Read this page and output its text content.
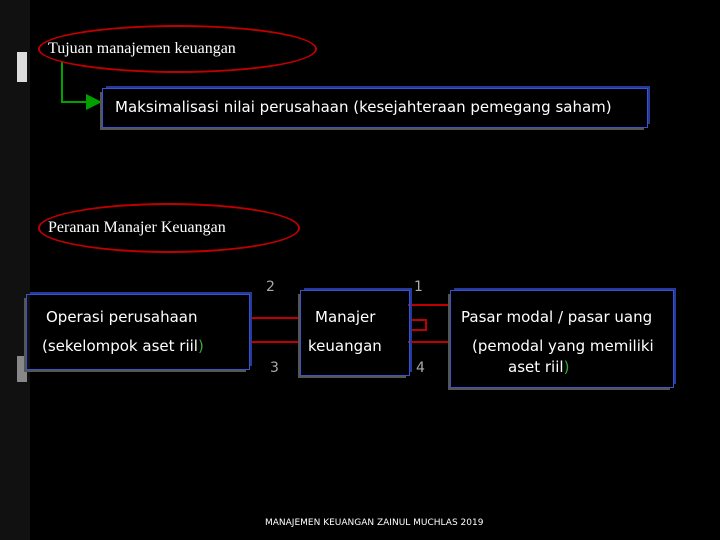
Tujuan manajemen keuangan
Maksimalisasi nilai perusahaan (kesejahteraan pemegang saham)
Peranan Manajer Keuangan
Operasi perusahaan
(sekelompok aset riil)
Manajer
keuangan
Pasar modal / pasar uang
(pemodal yang memiliki
aset riil)
2	1
3	4
MANAJEMEN KEUANGAN ZAINUL MUCHLAS 2019
